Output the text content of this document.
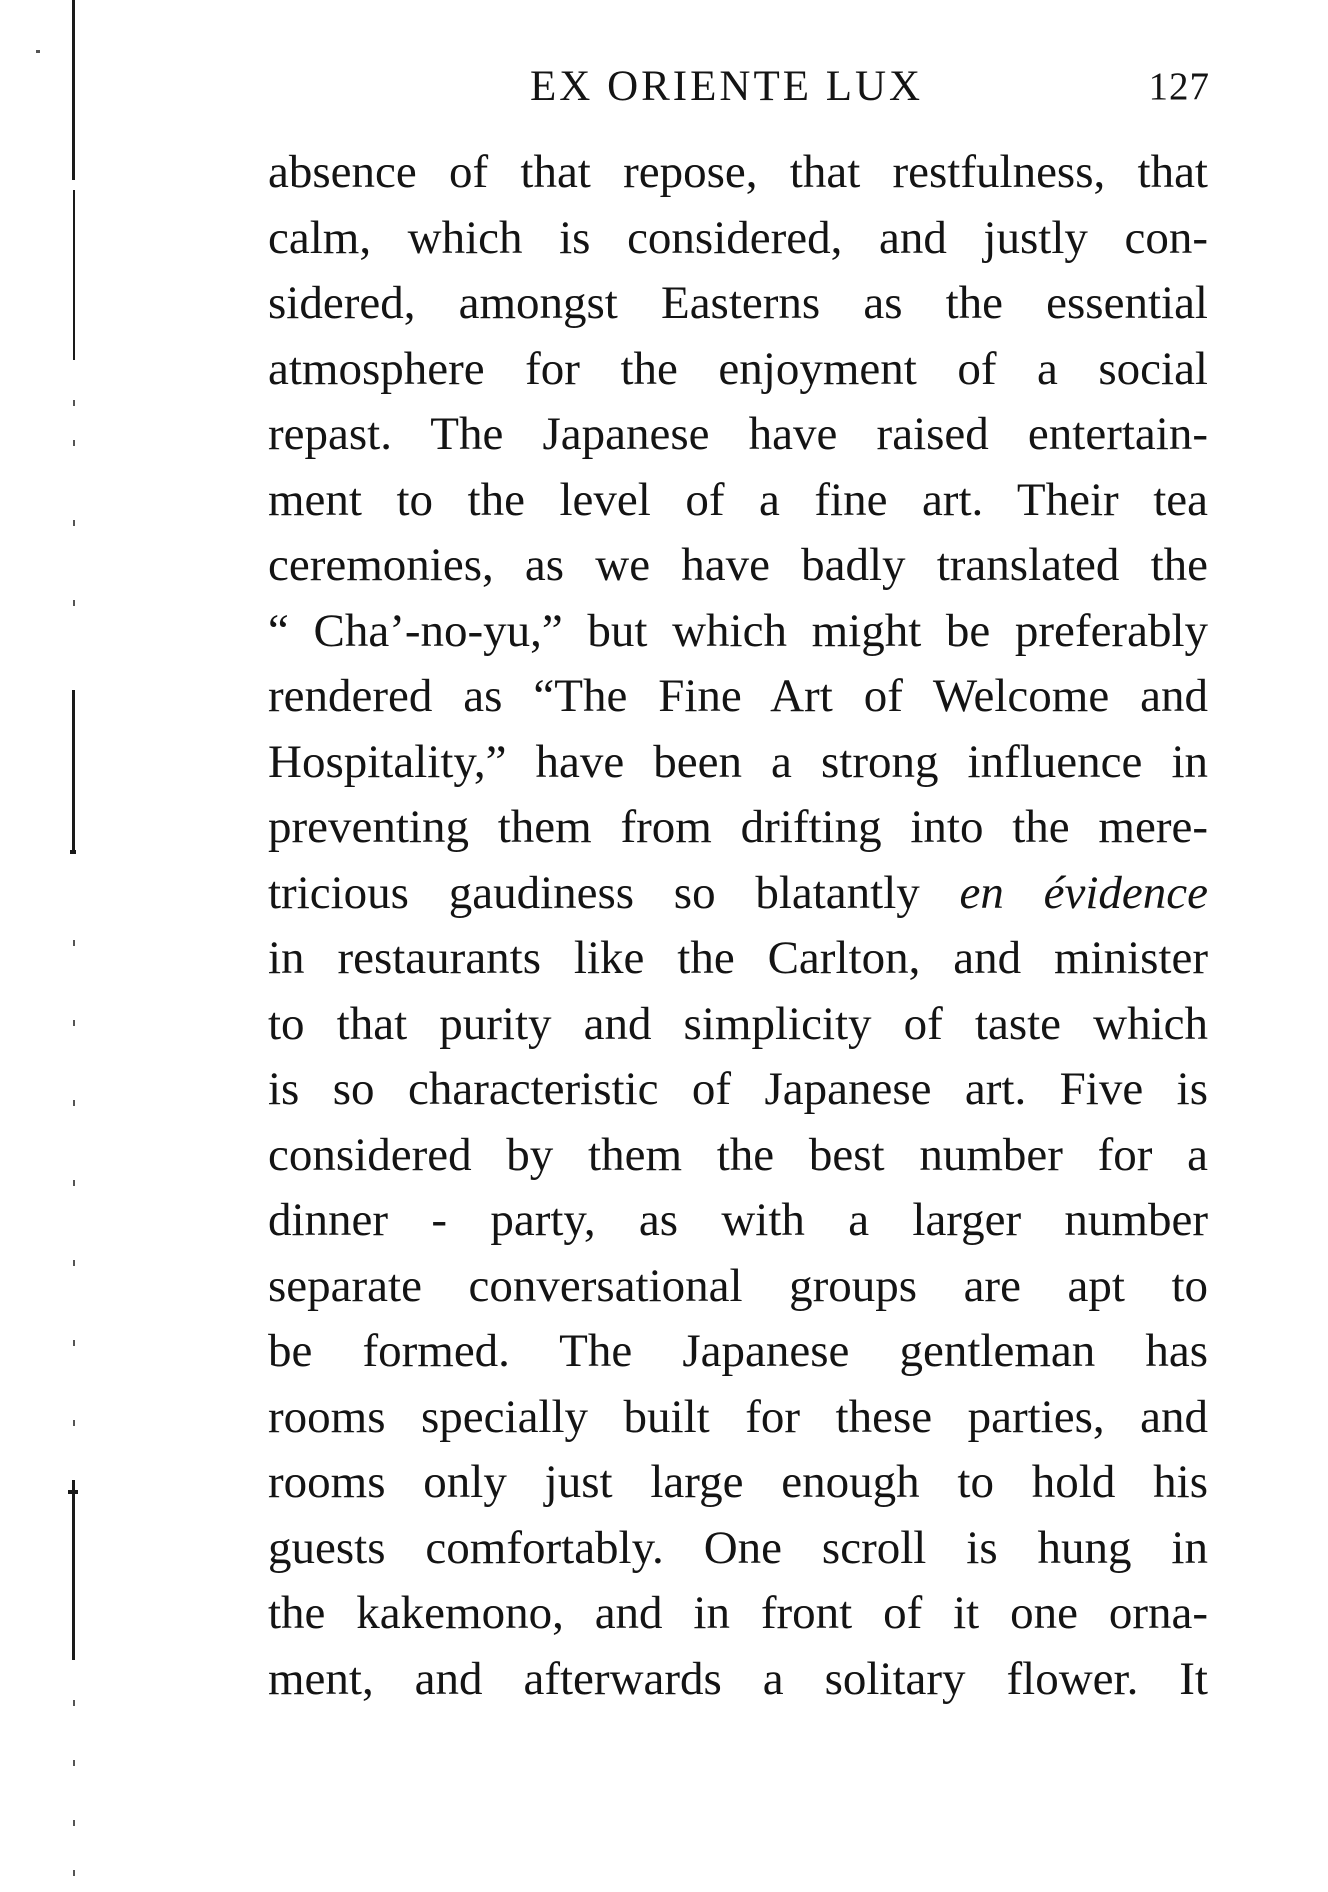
EX ORIENTE LUX	127
absence of that repose, that restfulness, that
calm, which is considered, and justly con-
sidered, amongst Easterns as the essential
atmosphere for the enjoyment of a social
repast. The Japanese have raised entertain-
ment to the level of a fine art. Their tea
ceremonies, as we have badly translated the
“ Cha’-no-yu,” but which might be preferably
rendered as “The Fine Art of Welcome and
Hospitality,” have been a strong influence in
preventing them from drifting into the mere-
tricious gaudiness so blatantly en évidence
in restaurants like the Carlton, and minister
to that purity and simplicity of taste which
is so characteristic of Japanese art. Five is
considered by them the best number for a
dinner - party, as with a larger number
separate conversational groups are apt to
be formed. The Japanese gentleman has
rooms specially built for these parties, and
rooms only just large enough to hold his
guests comfortably. One scroll is hung in
the kakemono, and in front of it one orna-
ment, and afterwards a solitary flower. It
